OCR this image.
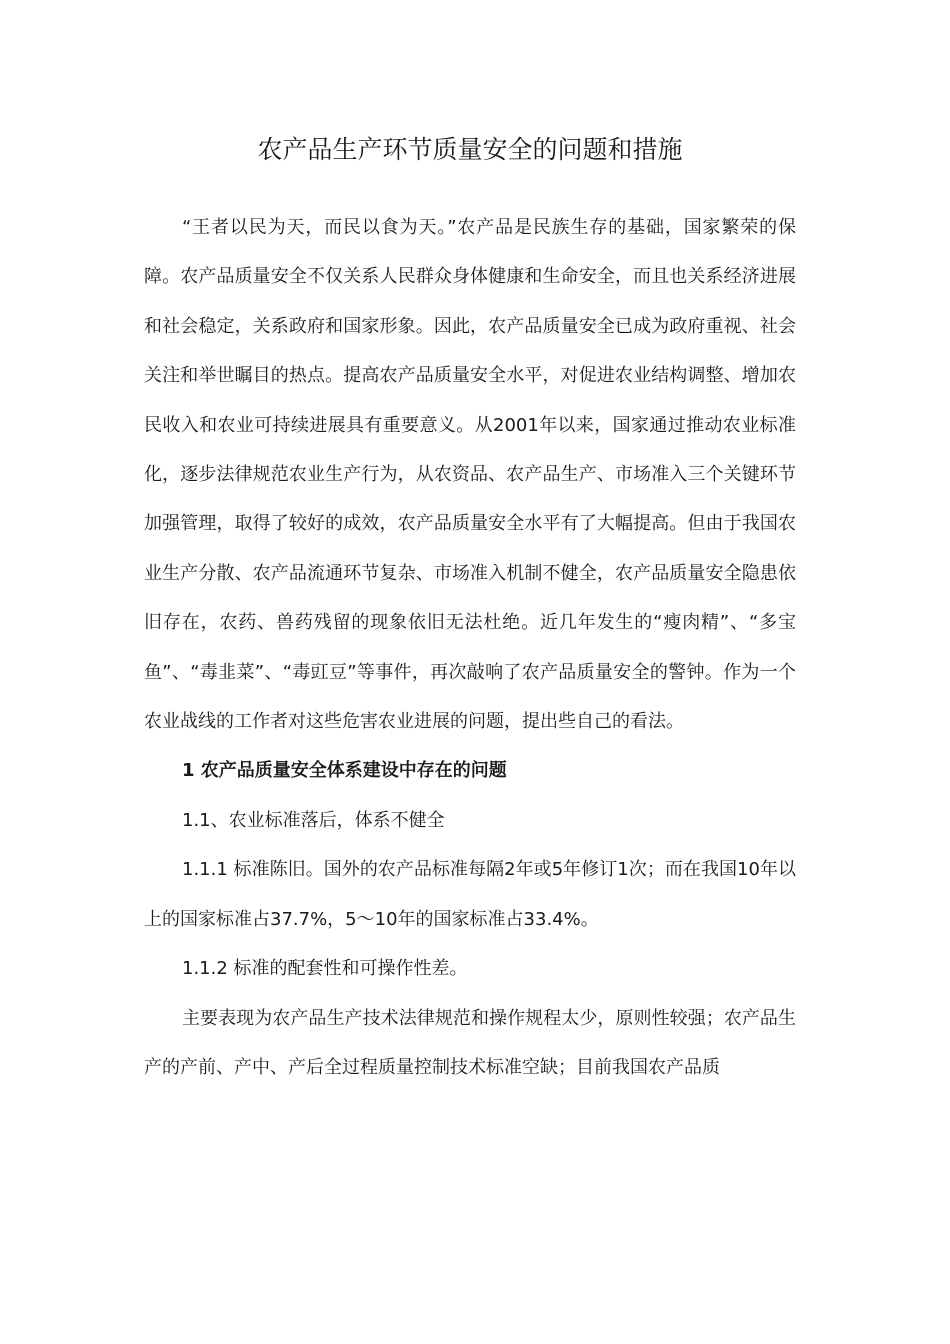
农产品生产环节质量安全的问题和措施

“王者以民为天，而民以食为天。”农产品是民族生存的基础，国家繁荣的保障。农产品质量安全不仅关系人民群众身体健康和生命安全，而且也关系经济进展和社会稳定，关系政府和国家形象。因此，农产品质量安全已成为政府重视、社会关注和举世瞩目的热点。提高农产品质量安全水平，对促进农业结构调整、增加农民收入和农业可持续进展具有重要意义。从2001年以来，国家通过推动农业标准化，逐步法律规范农业生产行为，从农资品、农产品生产、市场准入三个关键环节加强管理，取得了较好的成效，农产品质量安全水平有了大幅提高。但由于我国农业生产分散、农产品流通环节复杂、市场准入机制不健全，农产品质量安全隐患依旧存在，农药、兽药残留的现象依旧无法杜绝。近几年发生的“瘦肉精”、“多宝鱼”、“毒韭菜”、“毒豇豆”等事件，再次敲响了农产品质量安全的警钟。作为一个农业战线的工作者对这些危害农业进展的问题，提出些自己的看法。

1 农产品质量安全体系建设中存在的问题

1.1、农业标准落后，体系不健全

1.1.1 标准陈旧。国外的农产品标准每隔2年或5年修订1次；而在我国10年以上的国家标准占37.7%，5～10年的国家标准占33.4%。

1.1.2 标准的配套性和可操作性差。

主要表现为农产品生产技术法律规范和操作规程太少，原则性较强；农产品生产的产前、产中、产后全过程质量控制技术标准空缺；目前我国农产品质
